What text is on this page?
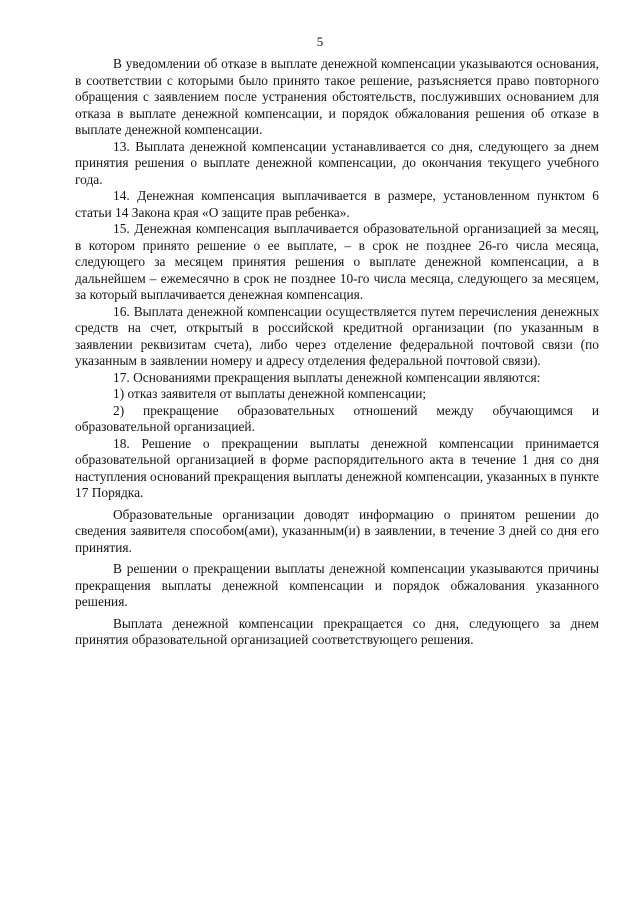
5

В уведомлении об отказе в выплате денежной компенсации указываются основания, в соответствии с которыми было принято такое решение, разъясняется право повторного обращения с заявлением после устранения обстоятельств, послуживших основанием для отказа в выплате денежной компенсации, и порядок обжалования решения об отказе в выплате денежной компенсации.

13. Выплата денежной компенсации устанавливается со дня, следующего за днем принятия решения о выплате денежной компенсации, до окончания текущего учебного года.

14. Денежная компенсация выплачивается в размере, установленном пунктом 6 статьи 14 Закона края «О защите прав ребенка».

15. Денежная компенсация выплачивается образовательной организацией за месяц, в котором принято решение о ее выплате, – в срок не позднее 26-го числа месяца, следующего за месяцем принятия решения о выплате денежной компенсации, а в дальнейшем – ежемесячно в срок не позднее 10-го числа месяца, следующего за месяцем, за который выплачивается денежная компенсация.

16. Выплата денежной компенсации осуществляется путем перечисления денежных средств на счет, открытый в российской кредитной организации (по указанным в заявлении реквизитам счета), либо через отделение федеральной почтовой связи (по указанным в заявлении номеру и адресу отделения федеральной почтовой связи).

17. Основаниями прекращения выплаты денежной компенсации являются:

1) отказ заявителя от выплаты денежной компенсации;

2) прекращение образовательных отношений между обучающимся и образовательной организацией.

18. Решение о прекращении выплаты денежной компенсации принимается образовательной организацией в форме распорядительного акта в течение 1 дня со дня наступления оснований прекращения выплаты денежной компенсации, указанных в пункте 17 Порядка.

Образовательные организации доводят информацию о принятом решении до сведения заявителя способом(ами), указанным(и) в заявлении, в течение 3 дней со дня его принятия.

В решении о прекращении выплаты денежной компенсации указываются причины прекращения выплаты денежной компенсации и порядок обжалования указанного решения.

Выплата денежной компенсации прекращается со дня, следующего за днем принятия образовательной организацией соответствующего решения.
